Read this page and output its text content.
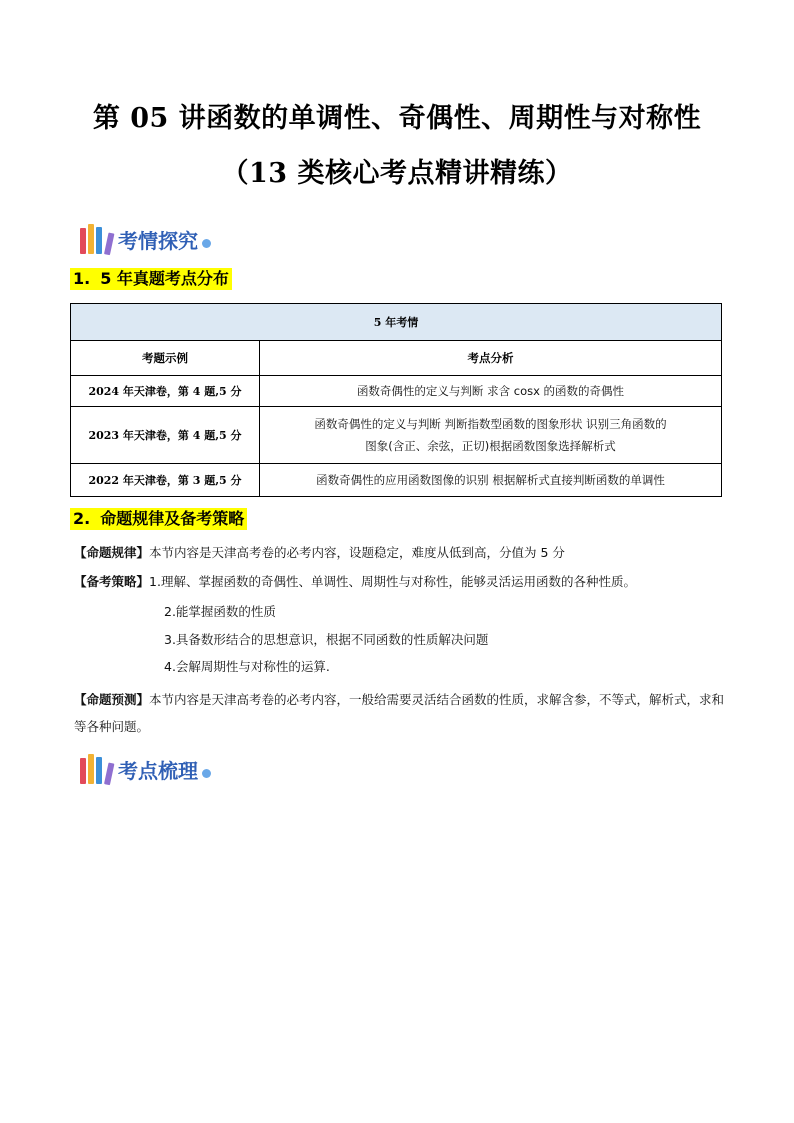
第 05 讲函数的单调性、奇偶性、周期性与对称性
（13 类核心考点精讲精练）
考情探究
1. 5 年真题考点分布
5 年考情	
考题示例	考点分析
2024 年天津卷，第 4 题,5 分	函数奇偶性的定义与判断 求含 cosx 的函数的奇偶性
2023 年天津卷，第 4 题,5 分	函数奇偶性的定义与判断 判断指数型函数的图象形状 识别三角函数的
图象(含正、余弦，正切)根据函数图象选择解析式

2022 年天津卷，第 3 题,5 分	函数奇偶性的应用函数图像的识别 根据解析式直接判断函数的单调性
2. 命题规律及备考策略
【命题规律】本节内容是天津高考卷的必考内容，设题稳定，难度从低到高，分值为 5 分
【备考策略】1.理解、掌握函数的奇偶性、单调性、周期性与对称性，能够灵活运用函数的各种性质。
2.能掌握函数的性质
3.具备数形结合的思想意识，根据不同函数的性质解决问题
4.会解周期性与对称性的运算.
【命题预测】本节内容是天津高考卷的必考内容，一般给需要灵活结合函数的性质，求解含参，不等式，解析式，求和等各种问题。
考点梳理
